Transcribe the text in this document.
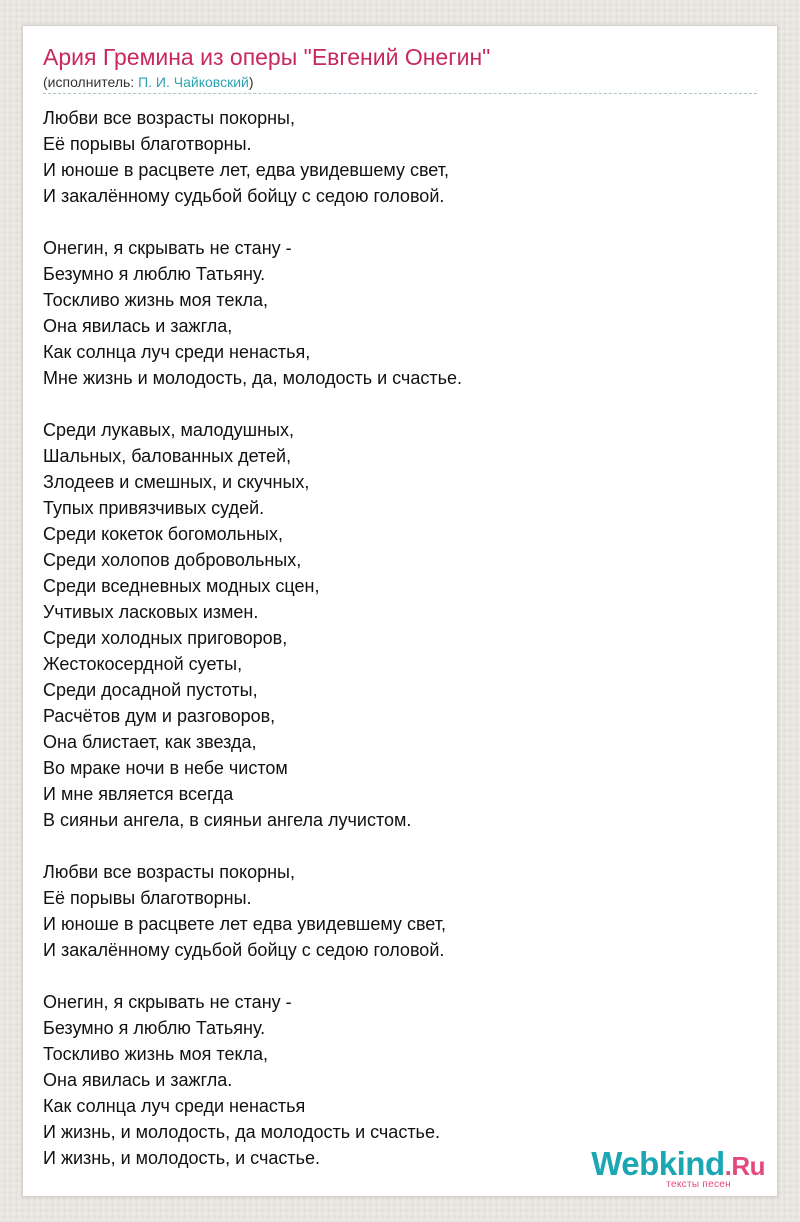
Ария Гремина из оперы "Евгений Онегин"
(исполнитель: П. И. Чайковский)
Любви все возрасты покорны,
Её порывы благотворны.
И юноше в расцвете лет, едва увидевшему свет,
И закалённому судьбой бойцу с седою головой.
Онегин, я скрывать не стану -
Безумно я люблю Татьяну.
Тоскливо жизнь моя текла,
Она явилась и зажгла,
Как солнца луч среди ненастья,
Мне жизнь и молодость, да, молодость и счастье.
Среди лукавых, малодушных,
Шальных, балованных детей,
Злодеев и смешных, и скучных,
Тупых привязчивых судей.
Среди кокеток богомольных,
Среди холопов добровольных,
Среди вседневных модных сцен,
Учтивых ласковых измен.
Среди холодных приговоров,
Жестокосердной суеты,
Среди досадной пустоты,
Расчётов дум и разговоров,
Она блистает, как звезда,
Во мраке ночи в небе чистом
И мне является всегда
В сияньи ангела, в сияньи ангела лучистом.
Любви все возрасты покорны,
Её порывы благотворны.
И юноше в расцвете лет едва увидевшему свет,
И закалённому судьбой бойцу с седою головой.
Онегин, я скрывать не стану -
Безумно я люблю Татьяну.
Тоскливо жизнь моя текла,
Она явилась и зажгла.
Как солнца луч среди ненастья
И жизнь, и молодость, да молодость и счастье.
И жизнь, и молодость, и счастье.	Webkind.Ru
тексты песен
